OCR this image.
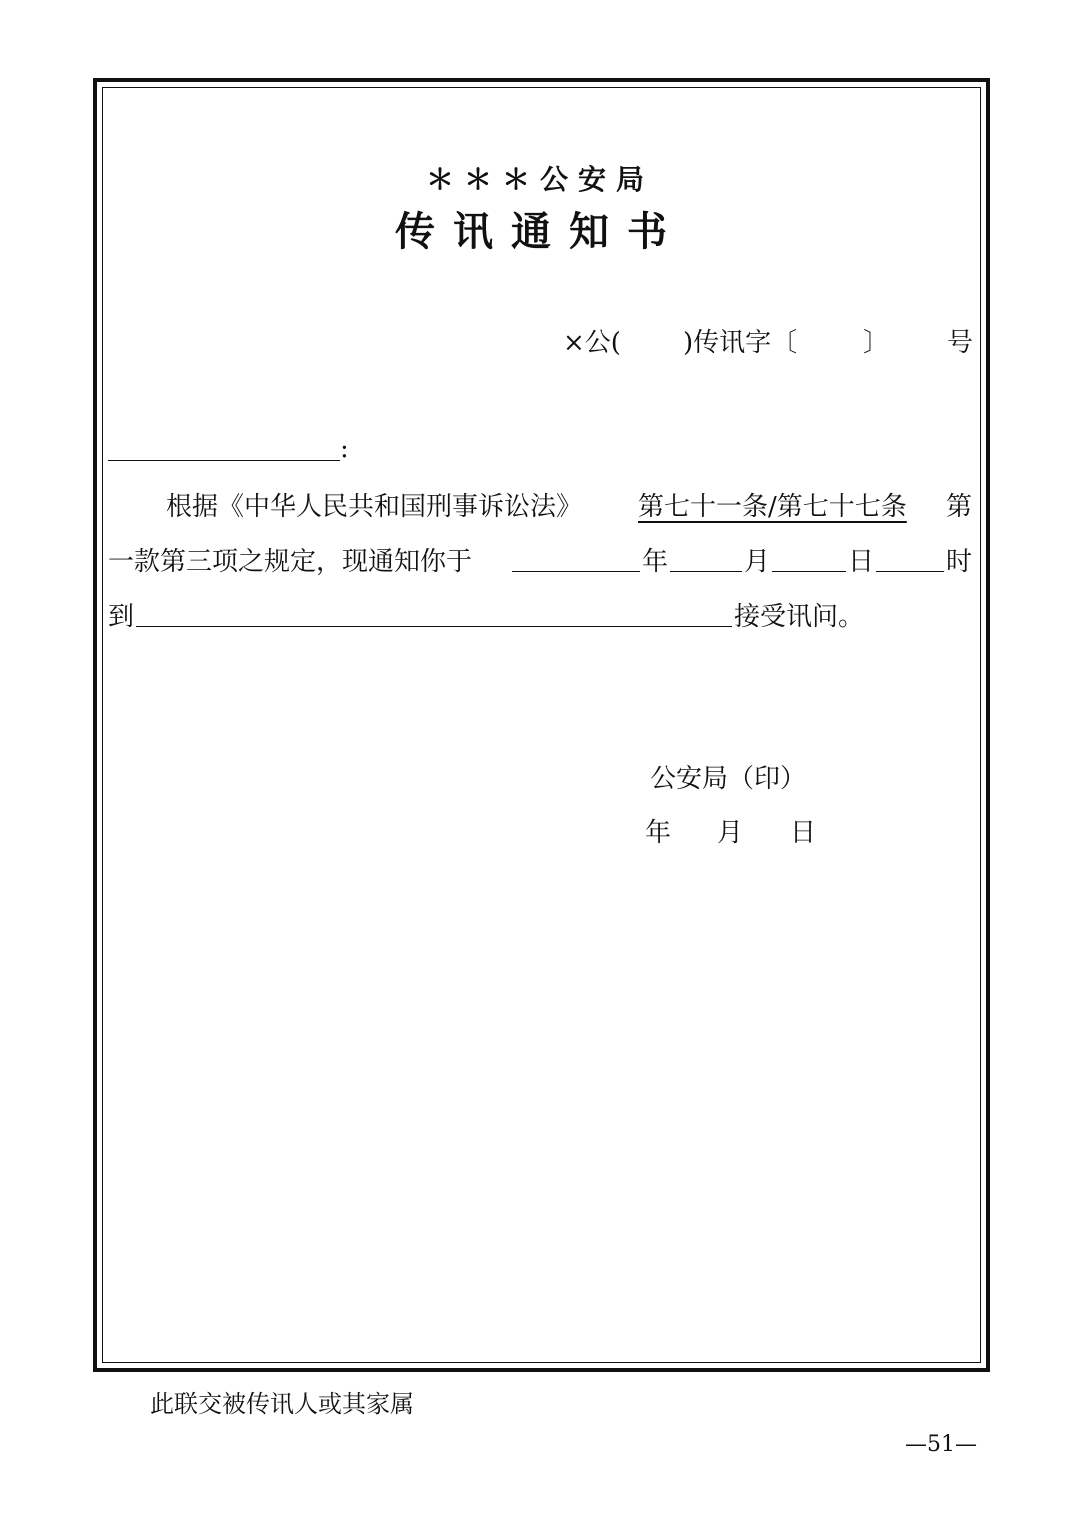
＊＊＊公安局
传讯通知书
×公( )传讯字〔	〕 号
:
根据《中华人民共和国刑事诉讼法》 第七十一条/第七十七条 第
一款第三项之规定，现通知你于	年	月	日	时
到	接受讯问。
公安局（印）
年 月 日
此联交被传讯人或其家属
—51—
